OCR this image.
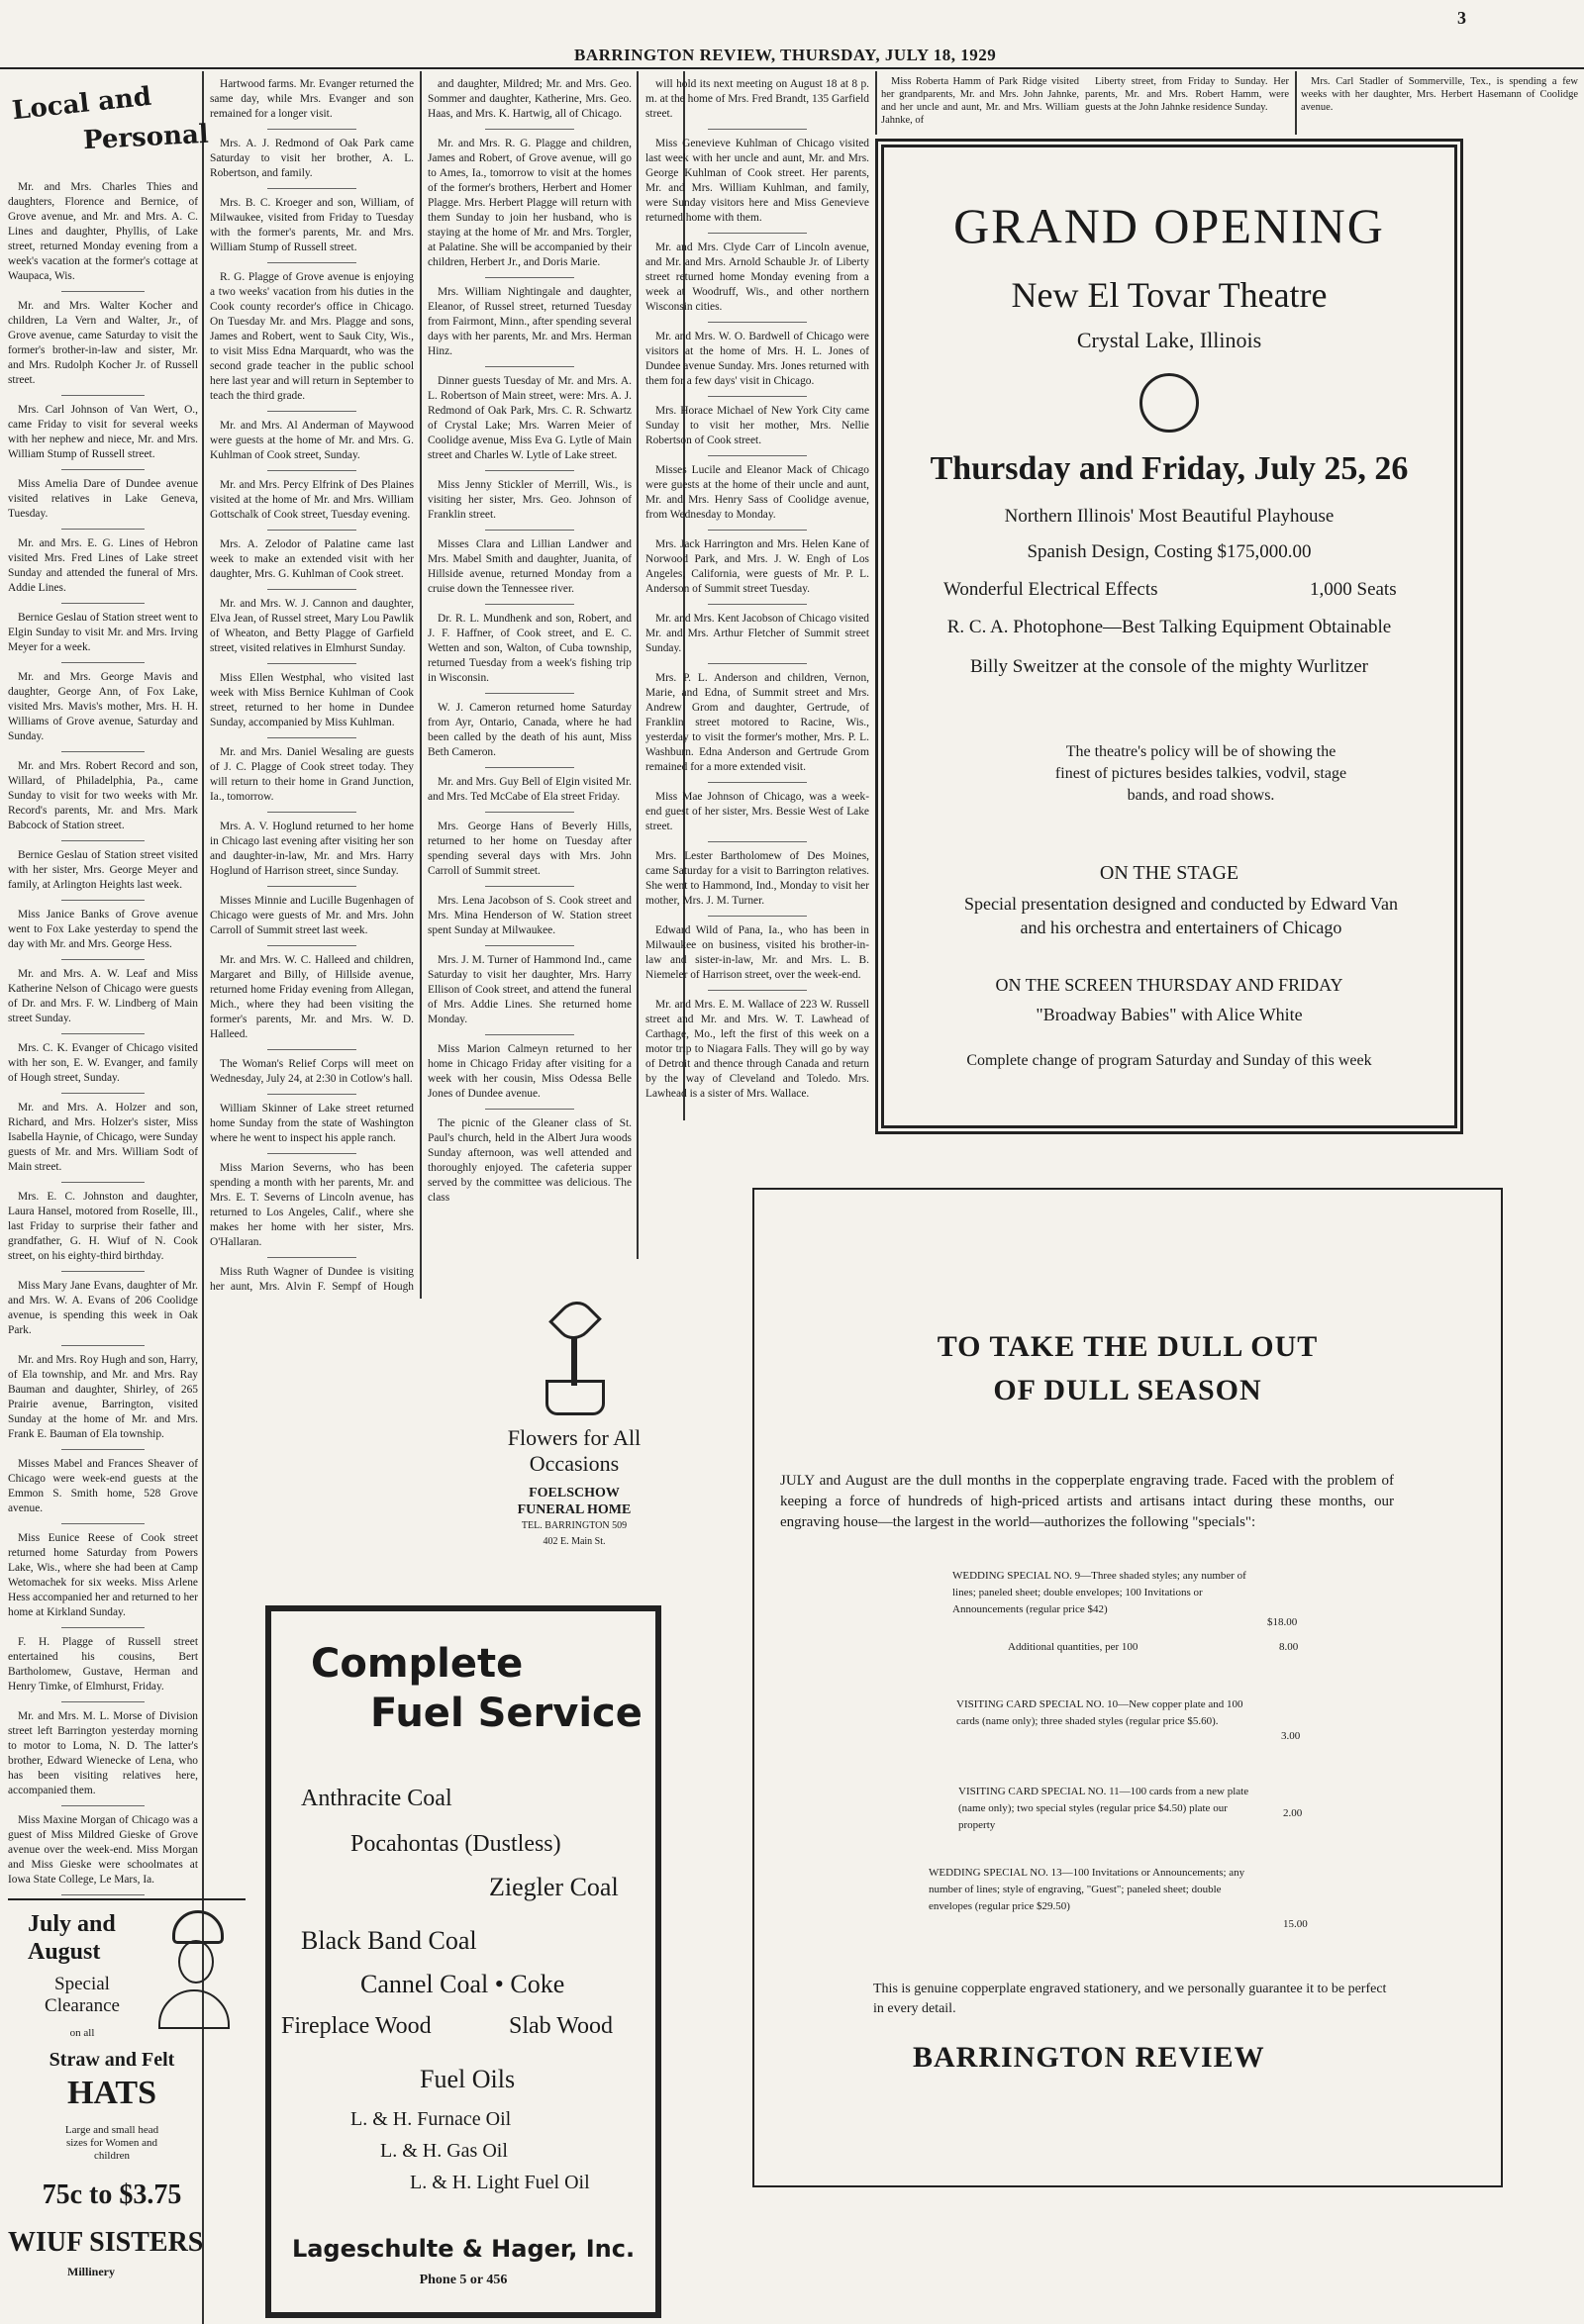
BARRINGTON REVIEW, THURSDAY, JULY 18, 1929
3
Local and
Personal

Mr. and Mrs. Charles Thies and daughters, Florence and Bernice, of Grove avenue, and Mr. and Mrs. A. C. Lines and daughter, Phyllis, of Lake street, returned Monday evening from a week's vacation at the former's cottage at Waupaca, Wis.

Mr. and Mrs. Walter Kocher and children, La Vern and Walter, Jr., of Grove avenue, came Saturday to visit the former's brother-in-law and sister, Mr. and Mrs. Rudolph Kocher Jr. of Russell street.

Mrs. Carl Johnson of Van Wert, O., came Friday to visit for several weeks with her nephew and niece, Mr. and Mrs. William Stump of Russell street.

Miss Amelia Dare of Dundee avenue visited relatives in Lake Geneva, Tuesday.

Mr. and Mrs. E. G. Lines of Hebron visited Mrs. Fred Lines of Lake street Sunday and attended the funeral of Mrs. Addie Lines.

Bernice Geslau of Station street went to Elgin Sunday to visit Mr. and Mrs. Irving Meyer for a week.

Mr. and Mrs. George Mavis and daughter, George Ann, of Fox Lake, visited Mrs. Mavis's mother, Mrs. H. H. Williams of Grove avenue, Saturday and Sunday.

Mr. and Mrs. Robert Record and son, Willard, of Philadelphia, Pa., came Sunday to visit for two weeks with Mr. Record's parents, Mr. and Mrs. Mark Babcock of Station street.

Bernice Geslau of Station street visited with her sister, Mrs. George Meyer and family, at Arlington Heights last week.

Miss Janice Banks of Grove avenue went to Fox Lake yesterday to spend the day with Mr. and Mrs. George Hess.

Mr. and Mrs. A. W. Leaf and Miss Katherine Nelson of Chicago were guests of Dr. and Mrs. F. W. Lindberg of Main street Sunday.

Mrs. C. K. Evanger of Chicago visited with her son, E. W. Evanger, and family of Hough street, Sunday.

Mr. and Mrs. A. Holzer and son, Richard, and Mrs. Holzer's sister, Miss Isabella Haynie, of Chicago, were Sunday guests of Mr. and Mrs. William Sodt of Main street.

Mrs. E. C. Johnston and daughter, Laura Hansel, motored from Roselle, Ill., last Friday to surprise their father and grandfather, G. H. Wiuf of N. Cook street, on his eighty-third birthday.

Miss Mary Jane Evans, daughter of Mr. and Mrs. W. A. Evans of 206 Coolidge avenue, is spending this week in Oak Park.

Mr. and Mrs. Roy Hugh and son, Harry, of Ela township, and Mr. and Mrs. Ray Bauman and daughter, Shirley, of 265 Prairie avenue, Barrington, visited Sunday at the home of Mr. and Mrs. Frank E. Bauman of Ela township.

Misses Mabel and Frances Sheaver of Chicago were week-end guests at the Emmon S. Smith home, 528 Grove avenue.

Miss Eunice Reese of Cook street returned home Saturday from Powers Lake, Wis., where she had been at Camp Wetomachek for six weeks. Miss Arlene Hess accompanied her and returned to her home at Kirkland Sunday.

F. H. Plagge of Russell street entertained his cousins, Bert Bartholomew, Gustave, Herman and Henry Timke, of Elmhurst, Friday.

Mr. and Mrs. M. L. Morse of Division street left Barrington yesterday morning to motor to Loma, N. D. The latter's brother, Edward Wienecke of Lena, who has been visiting relatives here, accompanied them.

Miss Maxine Morgan of Chicago was a guest of Miss Mildred Gieske of Grove avenue over the week-end. Miss Morgan and Miss Gieske were schoolmates at Iowa State College, Le Mars, Ia.

Hartwood farms. Mr. Evanger returned the same day, while Mrs. Evanger and son remained for a longer visit.

Mrs. A. J. Redmond of Oak Park came Saturday to visit her brother, A. L. Robertson, and family.

Mrs. B. C. Kroeger and son, William, of Milwaukee, visited from Friday to Tuesday with the former's parents, Mr. and Mrs. William Stump of Russell street.

R. G. Plagge of Grove avenue is enjoying a two weeks' vacation from his duties in the Cook county recorder's office in Chicago. On Tuesday Mr. and Mrs. Plagge and sons, James and Robert, went to Sauk City, Wis., to visit Miss Edna Marquardt, who was the second grade teacher in the public school here last year and will return in September to teach the third grade.

Mr. and Mrs. Al Anderman of Maywood were guests at the home of Mr. and Mrs. G. Kuhlman of Cook street, Sunday.

Mr. and Mrs. Percy Elfrink of Des Plaines visited at the home of Mr. and Mrs. William Gottschalk of Cook street, Tuesday evening.

Mrs. A. Zelodor of Palatine came last week to make an extended visit with her daughter, Mrs. G. Kuhlman of Cook street.

Mr. and Mrs. W. J. Cannon and daughter, Elva Jean, of Russel street, Mary Lou Pawlik of Wheaton, and Betty Plagge of Garfield street, visited relatives in Elmhurst Sunday.

Miss Ellen Westphal, who visited last week with Miss Bernice Kuhlman of Cook street, returned to her home in Dundee Sunday, accompanied by Miss Kuhlman.

Mr. and Mrs. Daniel Wesaling are guests of J. C. Plagge of Cook street today. They will return to their home in Grand Junction, Ia., tomorrow.

Mrs. A. V. Hoglund returned to her home in Chicago last evening after visiting her son and daughter-in-law, Mr. and Mrs. Harry Hoglund of Harrison street, since Sunday.

Misses Minnie and Lucille Bugenhagen of Chicago were guests of Mr. and Mrs. John Carroll of Summit street last week.

Mr. and Mrs. W. C. Halleed and children, Margaret and Billy, of Hillside avenue, returned home Friday evening from Allegan, Mich., where they had been visiting the former's parents, Mr. and Mrs. W. D. Halleed.

The Woman's Relief Corps will meet on Wednesday, July 24, at 2:30 in Cotlow's hall.

William Skinner of Lake street returned home Sunday from the state of Washington where he went to inspect his apple ranch.

Miss Marion Severns, who has been spending a month with her parents, Mr. and Mrs. E. T. Severns of Lincoln avenue, has returned to Los Angeles, Calif., where she makes her home with her sister, Mrs. O'Hallaran.

Miss Ruth Wagner of Dundee is visiting her aunt, Mrs. Alvin F. Sempf of Hough

and daughter, Mildred; Mr. and Mrs. Geo. Sommer and daughter, Katherine, Mrs. Geo. Haas, and Mrs. K. Hartwig, all of Chicago.

Mr. and Mrs. R. G. Plagge and children, James and Robert, of Grove avenue, will go to Ames, Ia., tomorrow to visit at the homes of the former's brothers, Herbert and Homer Plagge. Mrs. Herbert Plagge will return with them Sunday to join her husband, who is staying at the home of Mr. and Mrs. Torgler, at Palatine. She will be accompanied by their children, Herbert Jr., and Doris Marie.

Mrs. William Nightingale and daughter, Eleanor, of Russel street, returned Tuesday from Fairmont, Minn., after spending several days with her parents, Mr. and Mrs. Herman Hinz.

Dinner guests Tuesday of Mr. and Mrs. A. L. Robertson of Main street, were: Mrs. A. J. Redmond of Oak Park, Mrs. C. R. Schwartz of Crystal Lake; Mrs. Warren Meier of Coolidge avenue, Miss Eva G. Lytle of Main street and Charles W. Lytle of Lake street.

Miss Jenny Stickler of Merrill, Wis., is visiting her sister, Mrs. Geo. Johnson of Franklin street.

Misses Clara and Lillian Landwer and Mrs. Mabel Smith and daughter, Juanita, of Hillside avenue, returned Monday from a cruise down the Tennessee river.

Dr. R. L. Mundhenk and son, Robert, and J. F. Haffner, of Cook street, and E. C. Wetten and son, Walton, of Cuba township, returned Tuesday from a week's fishing trip in Wisconsin.

W. J. Cameron returned home Saturday from Ayr, Ontario, Canada, where he had been called by the death of his aunt, Miss Beth Cameron.

Mr. and Mrs. Guy Bell of Elgin visited Mr. and Mrs. Ted McCabe of Ela street Friday.

Mrs. George Hans of Beverly Hills, returned to her home on Tuesday after spending several days with Mrs. John Carroll of Summit street.

Mrs. Lena Jacobson of S. Cook street and Mrs. Mina Henderson of W. Station street spent Sunday at Milwaukee.

Mrs. J. M. Turner of Hammond Ind., came Saturday to visit her daughter, Mrs. Harry Ellison of Cook street, and attend the funeral of Mrs. Addie Lines. She returned home Monday.

Miss Marion Calmeyn returned to her home in Chicago Friday after visiting for a week with her cousin, Miss Odessa Belle Jones of Dundee avenue.

The picnic of the Gleaner class of St. Paul's church, held in the Albert Jura woods Sunday afternoon, was well attended and thoroughly enjoyed. The cafeteria supper served by the committee was delicious. The class

will hold its next meeting on August 18 at 8 p. m. at the home of Mrs. Fred Brandt, 135 Garfield street.

Miss Genevieve Kuhlman of Chicago visited last week with her uncle and aunt, Mr. and Mrs. George Kuhlman of Cook street. Her parents, Mr. and Mrs. William Kuhlman, and family, were Sunday visitors here and Miss Genevieve returned home with them.

Mr. and Mrs. Clyde Carr of Lincoln avenue, and Mr. and Mrs. Arnold Schauble Jr. of Liberty street returned home Monday evening from a week at Woodruff, Wis., and other northern Wisconsin cities.

Mr. and Mrs. W. O. Bardwell of Chicago were visitors at the home of Mrs. H. L. Jones of Dundee avenue Sunday. Mrs. Jones returned with them for a few days' visit in Chicago.

Mrs. Horace Michael of New York City came Sunday to visit her mother, Mrs. Nellie Robertson of Cook street.

Misses Lucile and Eleanor Mack of Chicago were guests at the home of their uncle and aunt, Mr. and Mrs. Henry Sass of Coolidge avenue, from Wednesday to Monday.

Mrs. Jack Harrington and Mrs. Helen Kane of Norwood Park, and Mrs. J. W. Engh of Los Angeles, California, were guests of Mr. P. L. Anderson of Summit street Tuesday.

Mr. and Mrs. Kent Jacobson of Chicago visited Mr. and Mrs. Arthur Fletcher of Summit street Sunday.

Mrs. P. L. Anderson and children, Vernon, Marie, and Edna, of Summit street and Mrs. Andrew Grom and daughter, Gertrude, of Franklin street motored to Racine, Wis., yesterday to visit the former's mother, Mrs. P. L. Washburn. Edna Anderson and Gertrude Grom remained for a more extended visit.

Miss Mae Johnson of Chicago, was a week-end guest of her sister, Mrs. Bessie West of Lake street.

Mrs. Lester Bartholomew of Des Moines, came Saturday for a visit to Barrington relatives. She went to Hammond, Ind., Monday to visit her mother, Mrs. J. M. Turner.

Edward Wild of Pana, Ia., who has been in Milwaukee on business, visited his brother-in-law and sister-in-law, Mr. and Mrs. L. B. Niemeler of Harrison street, over the week-end.

Mr. and Mrs. E. M. Wallace of 223 W. Russell street and Mr. and Mrs. W. T. Lawhead of Carthage, Mo., left the first of this week on a motor trip to Niagara Falls. They will go by way of Detroit and thence through Canada and return by the way of Cleveland and Toledo. Mrs. Lawhead is a sister of Mrs. Wallace.

Miss Roberta Hamm of Park Ridge visited her grandparents, Mr. and Mrs. John Jahnke, and her uncle and aunt, Mr. and Mrs. William Jahnke, of

Liberty street, from Friday to Sunday. Her parents, Mr. and Mrs. Robert Hamm, were guests at the John Jahnke residence Sunday.

Mrs. Carl Stadler of Sommerville, Tex., is spending a few weeks with her daughter, Mrs. Herbert Hasemann of Coolidge avenue.

GRAND OPENING
New El Tovar Theatre
Crystal Lake, Illinois
Thursday and Friday, July 25, 26
Northern Illinois' Most Beautiful Playhouse
Spanish Design, Costing $175,000.00
Wonderful Electrical Effects	1,000 Seats
R. C. A. Photophone—Best Talking Equipment Obtainable
Billy Sweitzer at the console of the mighty Wurlitzer
The theatre's policy will be of showing the finest of pictures besides talkies, vodvil, stage bands, and road shows.
ON THE STAGE
Special presentation designed and conducted by Edward Van and his orchestra and entertainers of Chicago
ON THE SCREEN THURSDAY AND FRIDAY
"Broadway Babies" with Alice White
Complete change of program Saturday and Sunday of this week
Flowers for All Occasions
FOELSCHOW FUNERAL HOME
TEL. BARRINGTON 509
402 E. Main St.
Complete
Fuel Service
Anthracite Coal
Pocahontas (Dustless)
Ziegler Coal
Black Band Coal
Cannel Coal • Coke
Fireplace Wood	Slab Wood
Fuel Oils
L. & H. Furnace Oil
L. & H. Gas Oil
L. & H. Light Fuel Oil
Lageschulte & Hager, Inc.
Phone 5 or 456
July and August
Special Clearance
on all
Straw and Felt
HATS
Large and small head sizes for Women and children
75c to $3.75
WIUF SISTERS
Millinery
TO TAKE THE DULL OUT
OF DULL SEASON
JULY and August are the dull months in the copperplate engraving trade. Faced with the problem of keeping a force of hundreds of high-priced artists and artisans intact during these months, our engraving house—the largest in the world—authorizes the following "specials":
WEDDING SPECIAL NO. 9—Three shaded styles; any number of lines; paneled sheet; double envelopes; 100 Invitations or Announcements (regular price $42)
$18.00
Additional quantities, per 100	8.00
VISITING CARD SPECIAL NO. 10—New copper plate and 100 cards (name only); three shaded styles (regular price $5.60).
3.00
VISITING CARD SPECIAL NO. 11—100 cards from a new plate (name only); two special styles (regular price $4.50) plate our property
2.00
WEDDING SPECIAL NO. 13—100 Invitations or Announcements; any number of lines; style of engraving, "Guest"; paneled sheet; double envelopes (regular price $29.50)
15.00
This is genuine copperplate engraved stationery, and we personally guarantee it to be perfect in every detail.
BARRINGTON REVIEW
